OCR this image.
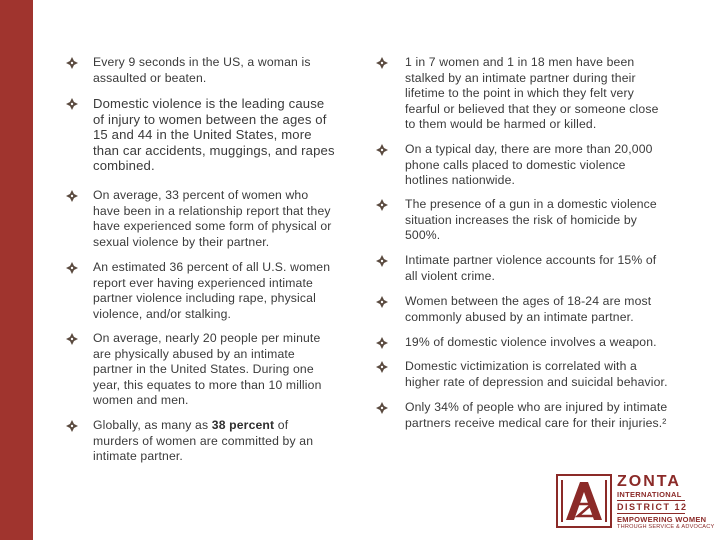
Every 9 seconds in the US, a woman is
assaulted or beaten.
Domestic violence is the leading cause
of injury to women between the ages of
15 and 44 in the United States, more
than car accidents, muggings, and rapes
combined.
On average, 33 percent of women who
have been in a relationship report that they
have experienced some form of physical or
sexual violence by their partner.
An estimated 36 percent of all U.S. women
report ever having experienced intimate
partner violence including rape, physical
violence, and/or stalking.
On average, nearly 20 people per minute
are physically abused by an intimate
partner in the United States. During one
year, this equates to more than 10 million
women and men.
Globally, as many as 38 percent of
murders of women are committed by an
intimate partner.
1 in 7 women and 1 in 18 men have been
stalked by an intimate partner during their
lifetime to the point in which they felt very
fearful or believed that they or someone close
to them would be harmed or killed.
On a typical day, there are more than 20,000
phone calls placed to domestic violence
hotlines nationwide.
The presence of a gun in a domestic violence
situation increases the risk of homicide by
500%.
Intimate partner violence accounts for 15% of
all violent crime.
Women between the ages of 18-24 are most
commonly abused by an intimate partner.
19% of domestic violence involves a weapon.
Domestic victimization is correlated with a
higher rate of depression and suicidal behavior.
Only 34% of people who are injured by intimate
partners receive medical care for their injuries.²
ZONTA
INTERNATIONAL
DISTRICT 12
EMPOWERING WOMEN
THROUGH SERVICE & ADVOCACY
